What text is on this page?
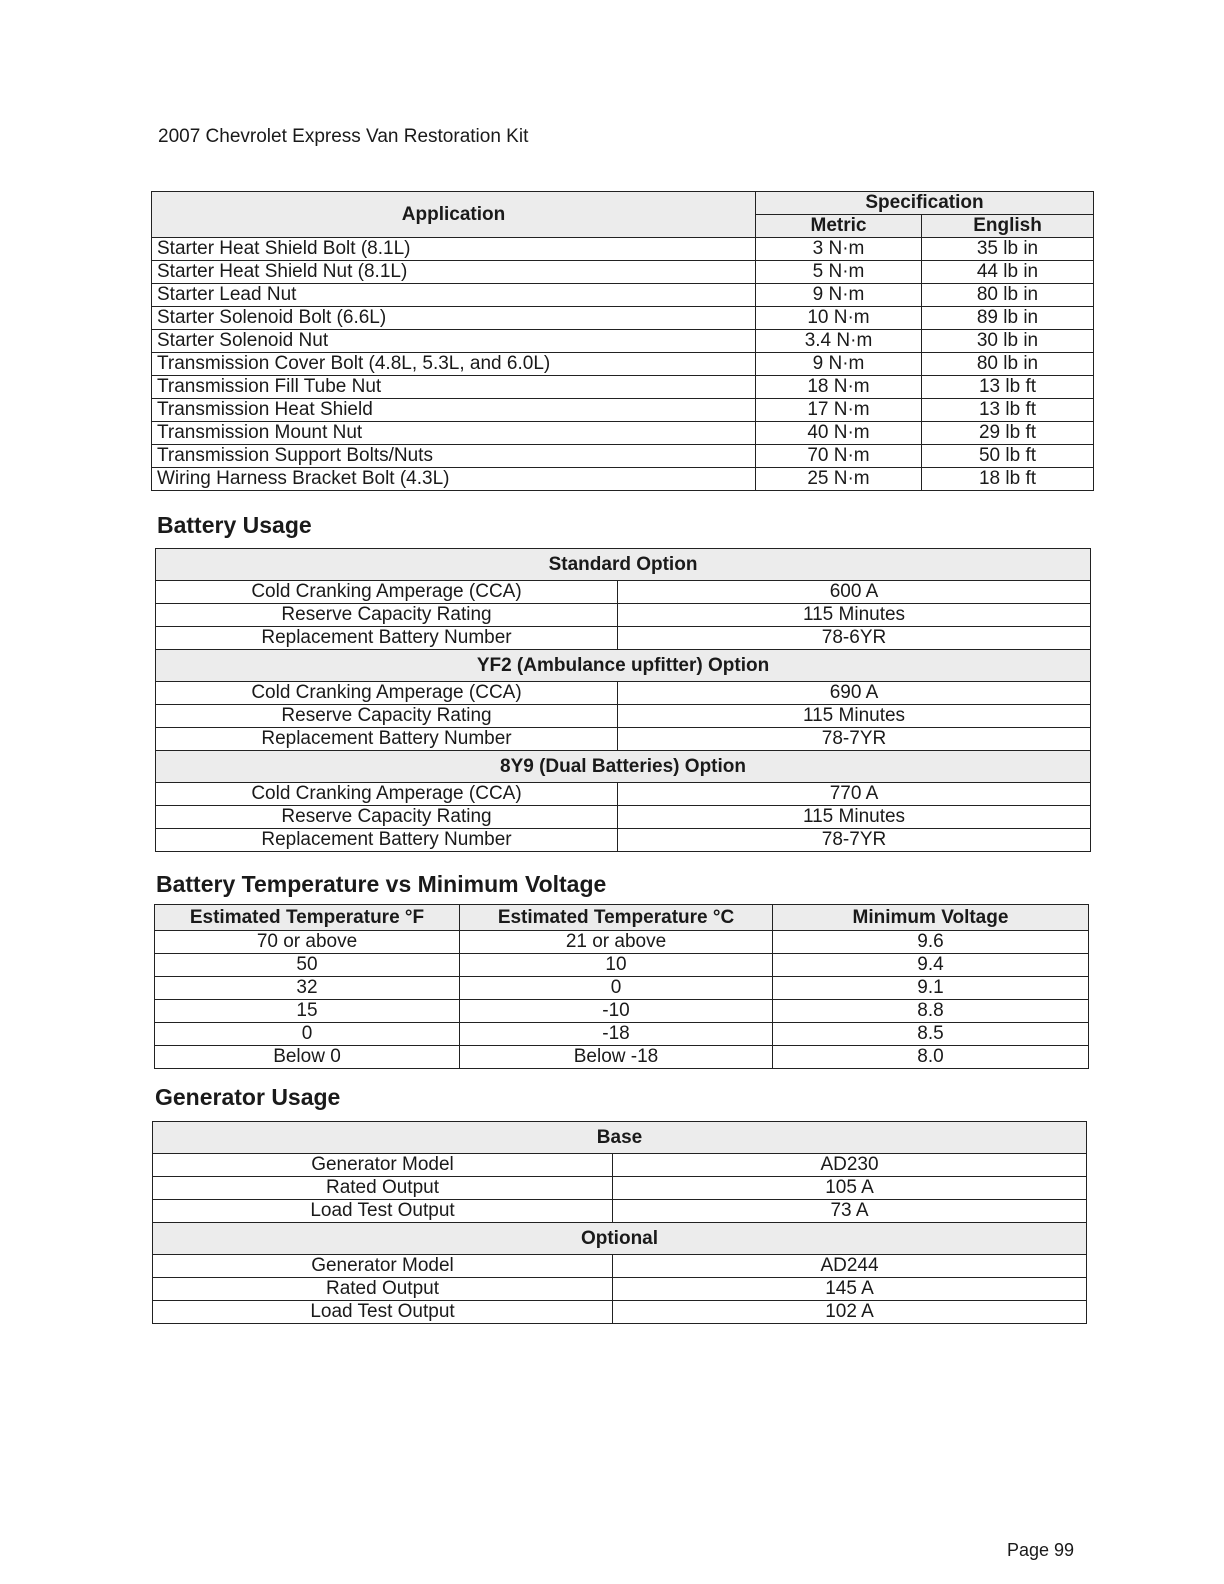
2007 Chevrolet Express Van Restoration Kit
Application	Specification	
	Metric	English
Starter Heat Shield Bolt (8.1L)	3 N·m	35 lb in
Starter Heat Shield Nut (8.1L)	5 N·m	44 lb in
Starter Lead Nut	9 N·m	80 lb in
Starter Solenoid Bolt (6.6L)	10 N·m	89 lb in
Starter Solenoid Nut	3.4 N·m	30 lb in
Transmission Cover Bolt (4.8L, 5.3L, and 6.0L)	9 N·m	80 lb in
Transmission Fill Tube Nut	18 N·m	13 lb ft
Transmission Heat Shield	17 N·m	13 lb ft
Transmission Mount Nut	40 N·m	29 lb ft
Transmission Support Bolts/Nuts	70 N·m	50 lb ft
Wiring Harness Bracket Bolt (4.3L)	25 N·m	18 lb ft
Battery Usage
Standard Option	
Cold Cranking Amperage (CCA)	600 A
Reserve Capacity Rating	115 Minutes
Replacement Battery Number	78-6YR
YF2 (Ambulance upfitter) Option	
Cold Cranking Amperage (CCA)	690 A
Reserve Capacity Rating	115 Minutes
Replacement Battery Number	78-7YR
8Y9 (Dual Batteries) Option	
Cold Cranking Amperage (CCA)	770 A
Reserve Capacity Rating	115 Minutes
Replacement Battery Number	78-7YR
Battery Temperature vs Minimum Voltage
Estimated Temperature °F	Estimated Temperature °C	Minimum Voltage
70 or above	21 or above	9.6
50	10	9.4
32	0	9.1
15	-10	8.8
0	-18	8.5
Below 0	Below -18	8.0
Generator Usage
Base	
Generator Model	AD230
Rated Output	105 A
Load Test Output	73 A
Optional	
Generator Model	AD244
Rated Output	145 A
Load Test Output	102 A
Page 99
